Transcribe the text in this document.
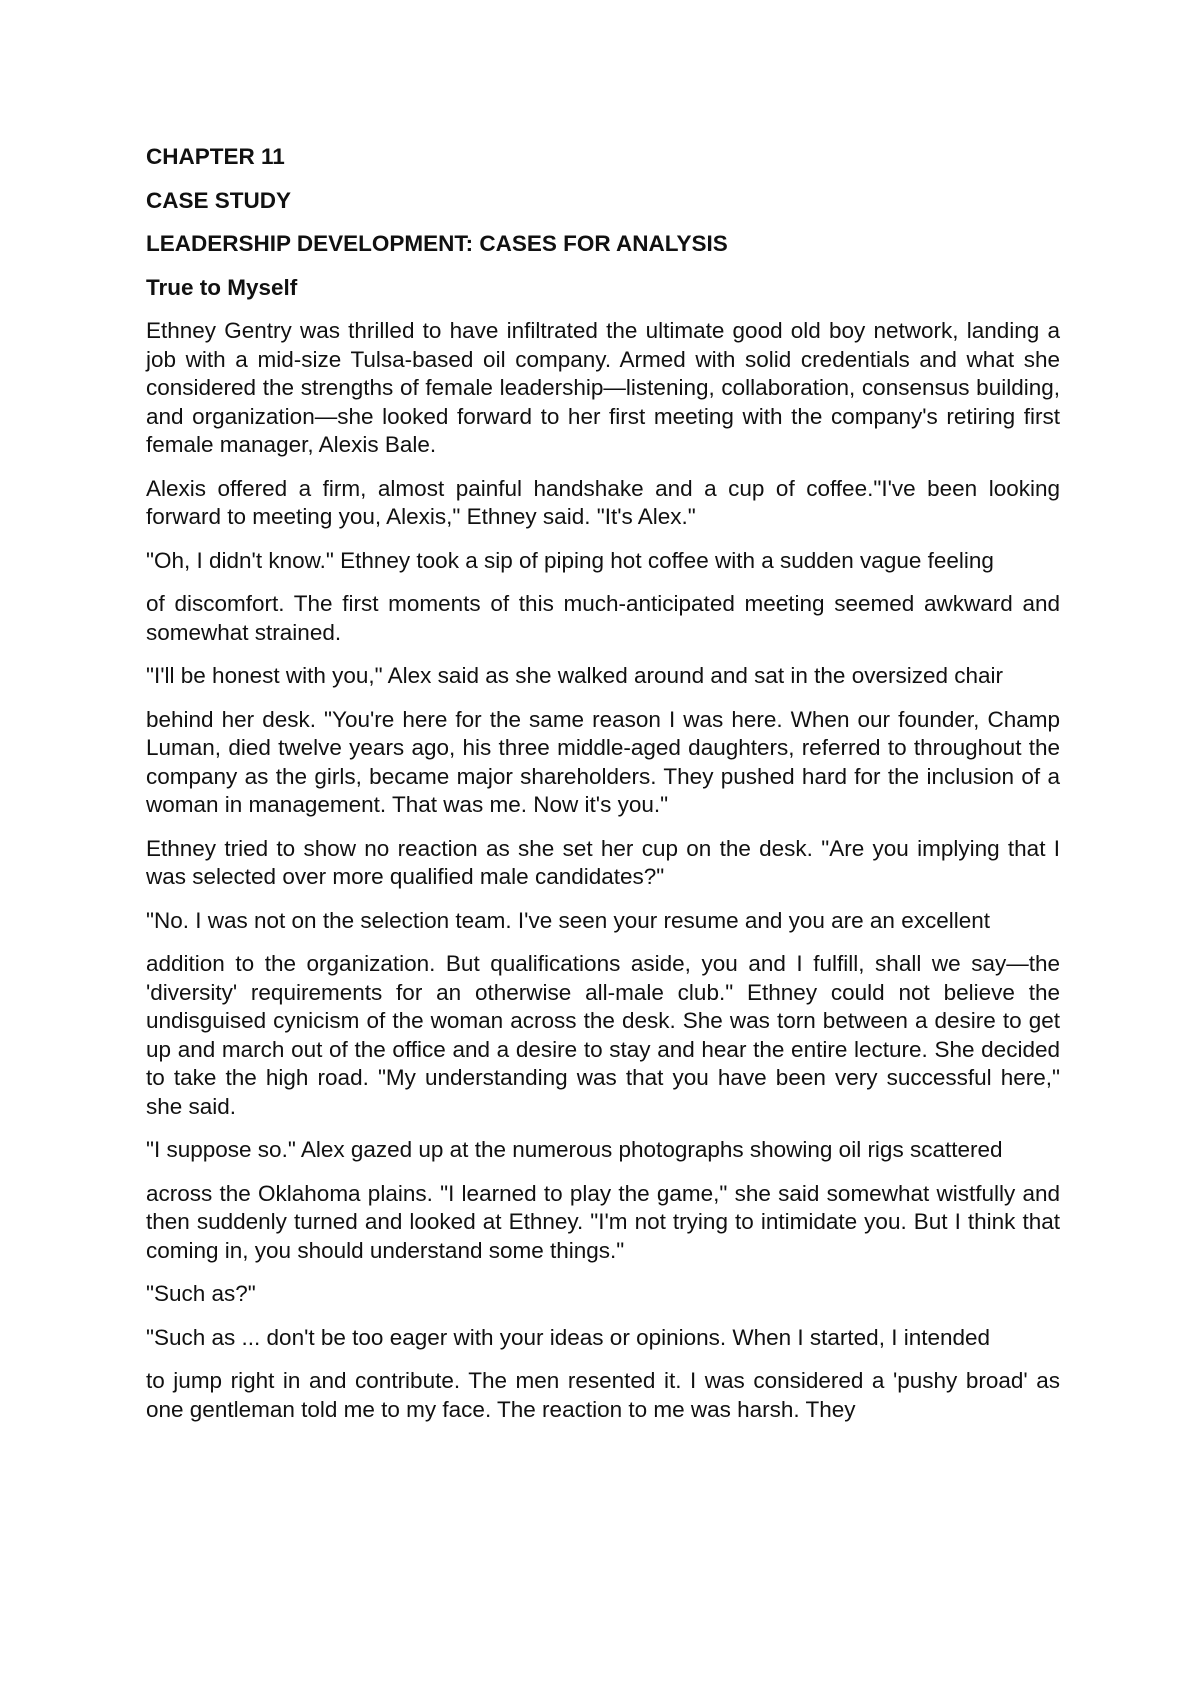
CHAPTER 11
CASE STUDY
LEADERSHIP DEVELOPMENT: CASES FOR ANALYSIS
True to Myself

Ethney Gentry was thrilled to have infiltrated the ultimate good old boy network, landing a job with a mid-size Tulsa-based oil company. Armed with solid credentials and what she considered the strengths of female leadership—listening, collaboration, consensus building, and organization—she looked forward to her first meeting with the company's retiring first female manager, Alexis Bale.

Alexis offered a firm, almost painful handshake and a cup of coffee."I've been looking forward to meeting you, Alexis," Ethney said. "It's Alex."

"Oh, I didn't know." Ethney took a sip of piping hot coffee with a sudden vague feeling

of discomfort. The first moments of this much-anticipated meeting seemed awkward and somewhat strained.

"I'll be honest with you," Alex said as she walked around and sat in the oversized chair

behind her desk. "You're here for the same reason I was here. When our founder, Champ Luman, died twelve years ago, his three middle-aged daughters, referred to throughout the company as the girls, became major shareholders. They pushed hard for the inclusion of a woman in management. That was me. Now it's you."

Ethney tried to show no reaction as she set her cup on the desk. "Are you implying that I was selected over more qualified male candidates?"

"No. I was not on the selection team. I've seen your resume and you are an excellent

addition to the organization. But qualifications aside, you and I fulfill, shall we say—the 'diversity' requirements for an otherwise all-male club." Ethney could not believe the undisguised cynicism of the woman across the desk. She was torn between a desire to get up and march out of the office and a desire to stay and hear the entire lecture. She decided to take the high road. "My understanding was that you have been very successful here," she said.

"I suppose so." Alex gazed up at the numerous photographs showing oil rigs scattered

across the Oklahoma plains. "I learned to play the game," she said somewhat wistfully and then suddenly turned and looked at Ethney. "I'm not trying to intimidate you. But I think that coming in, you should understand some things."

"Such as?"

"Such as ... don't be too eager with your ideas or opinions. When I started, I intended

to jump right in and contribute. The men resented it. I was considered a 'pushy broad' as one gentleman told me to my face. The reaction to me was harsh. They
